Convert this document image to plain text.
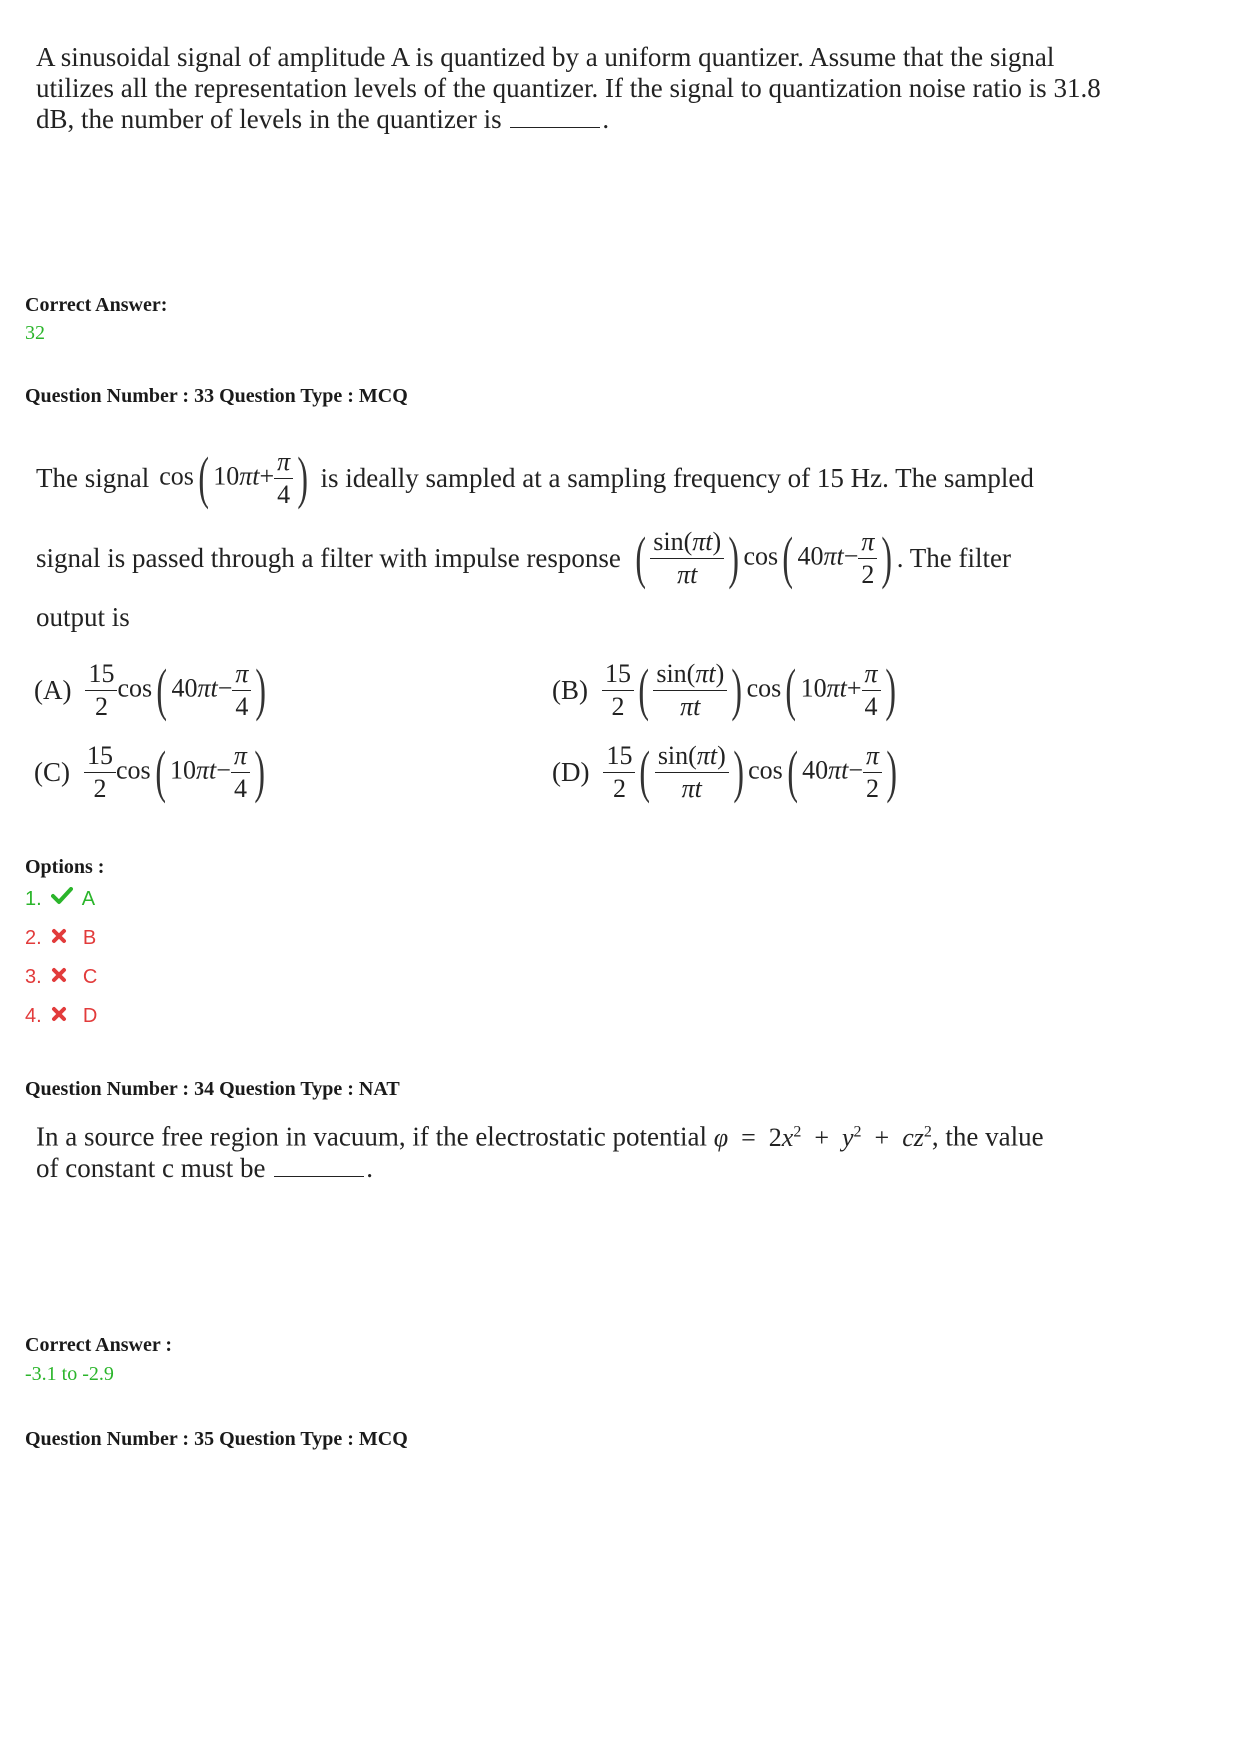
A sinusoidal signal of amplitude A is quantized by a uniform quantizer. Assume that the signal
utilizes all the representation levels of the quantizer. If the signal to quantization noise ratio is 31.8
dB, the number of levels in the quantizer is	.
Correct Answer:
32
Question Number : 33 Question Type : MCQ
The signal cos( $10\pi t+ \frac{\pi}{4}$ ) is ideally sampled at a sampling frequency of 15 Hz. The sampled
signal is passed through a filter with impulse response ( $\frac{\sin(\pi t)}{\pi t}$ ) cos( $40\pi t- \frac{\pi}{2}$ ) . The filter
output is
$(A) \frac{15}{2} \cos$( $40\pi t- \frac{\pi}{4}$ )	$(B) \frac{15}{2}$ ( $\frac{\sin(\pi t)}{\pi t}$ ) cos( $10\pi t+ \frac{\pi}{4}$ )
$(C) \frac{15}{2} \cos$( $10\pi t- \frac{\pi}{4}$ )	$(D) \frac{15}{2}$ ( $\frac{\sin(\pi t)}{\pi t}$ ) cos( $40\pi t- \frac{\pi}{2}$ )
Options :
1. A
2. B
3. C
4. D
Question Number : 34 Question Type : NAT
In a source free region in vacuum, if the electrostatic potential $\varphi = 2x^2 + y^2 + cz^2$, the value
of constant c must be	.
Correct Answer :
-3.1 to -2.9
Question Number : 35 Question Type : MCQ
